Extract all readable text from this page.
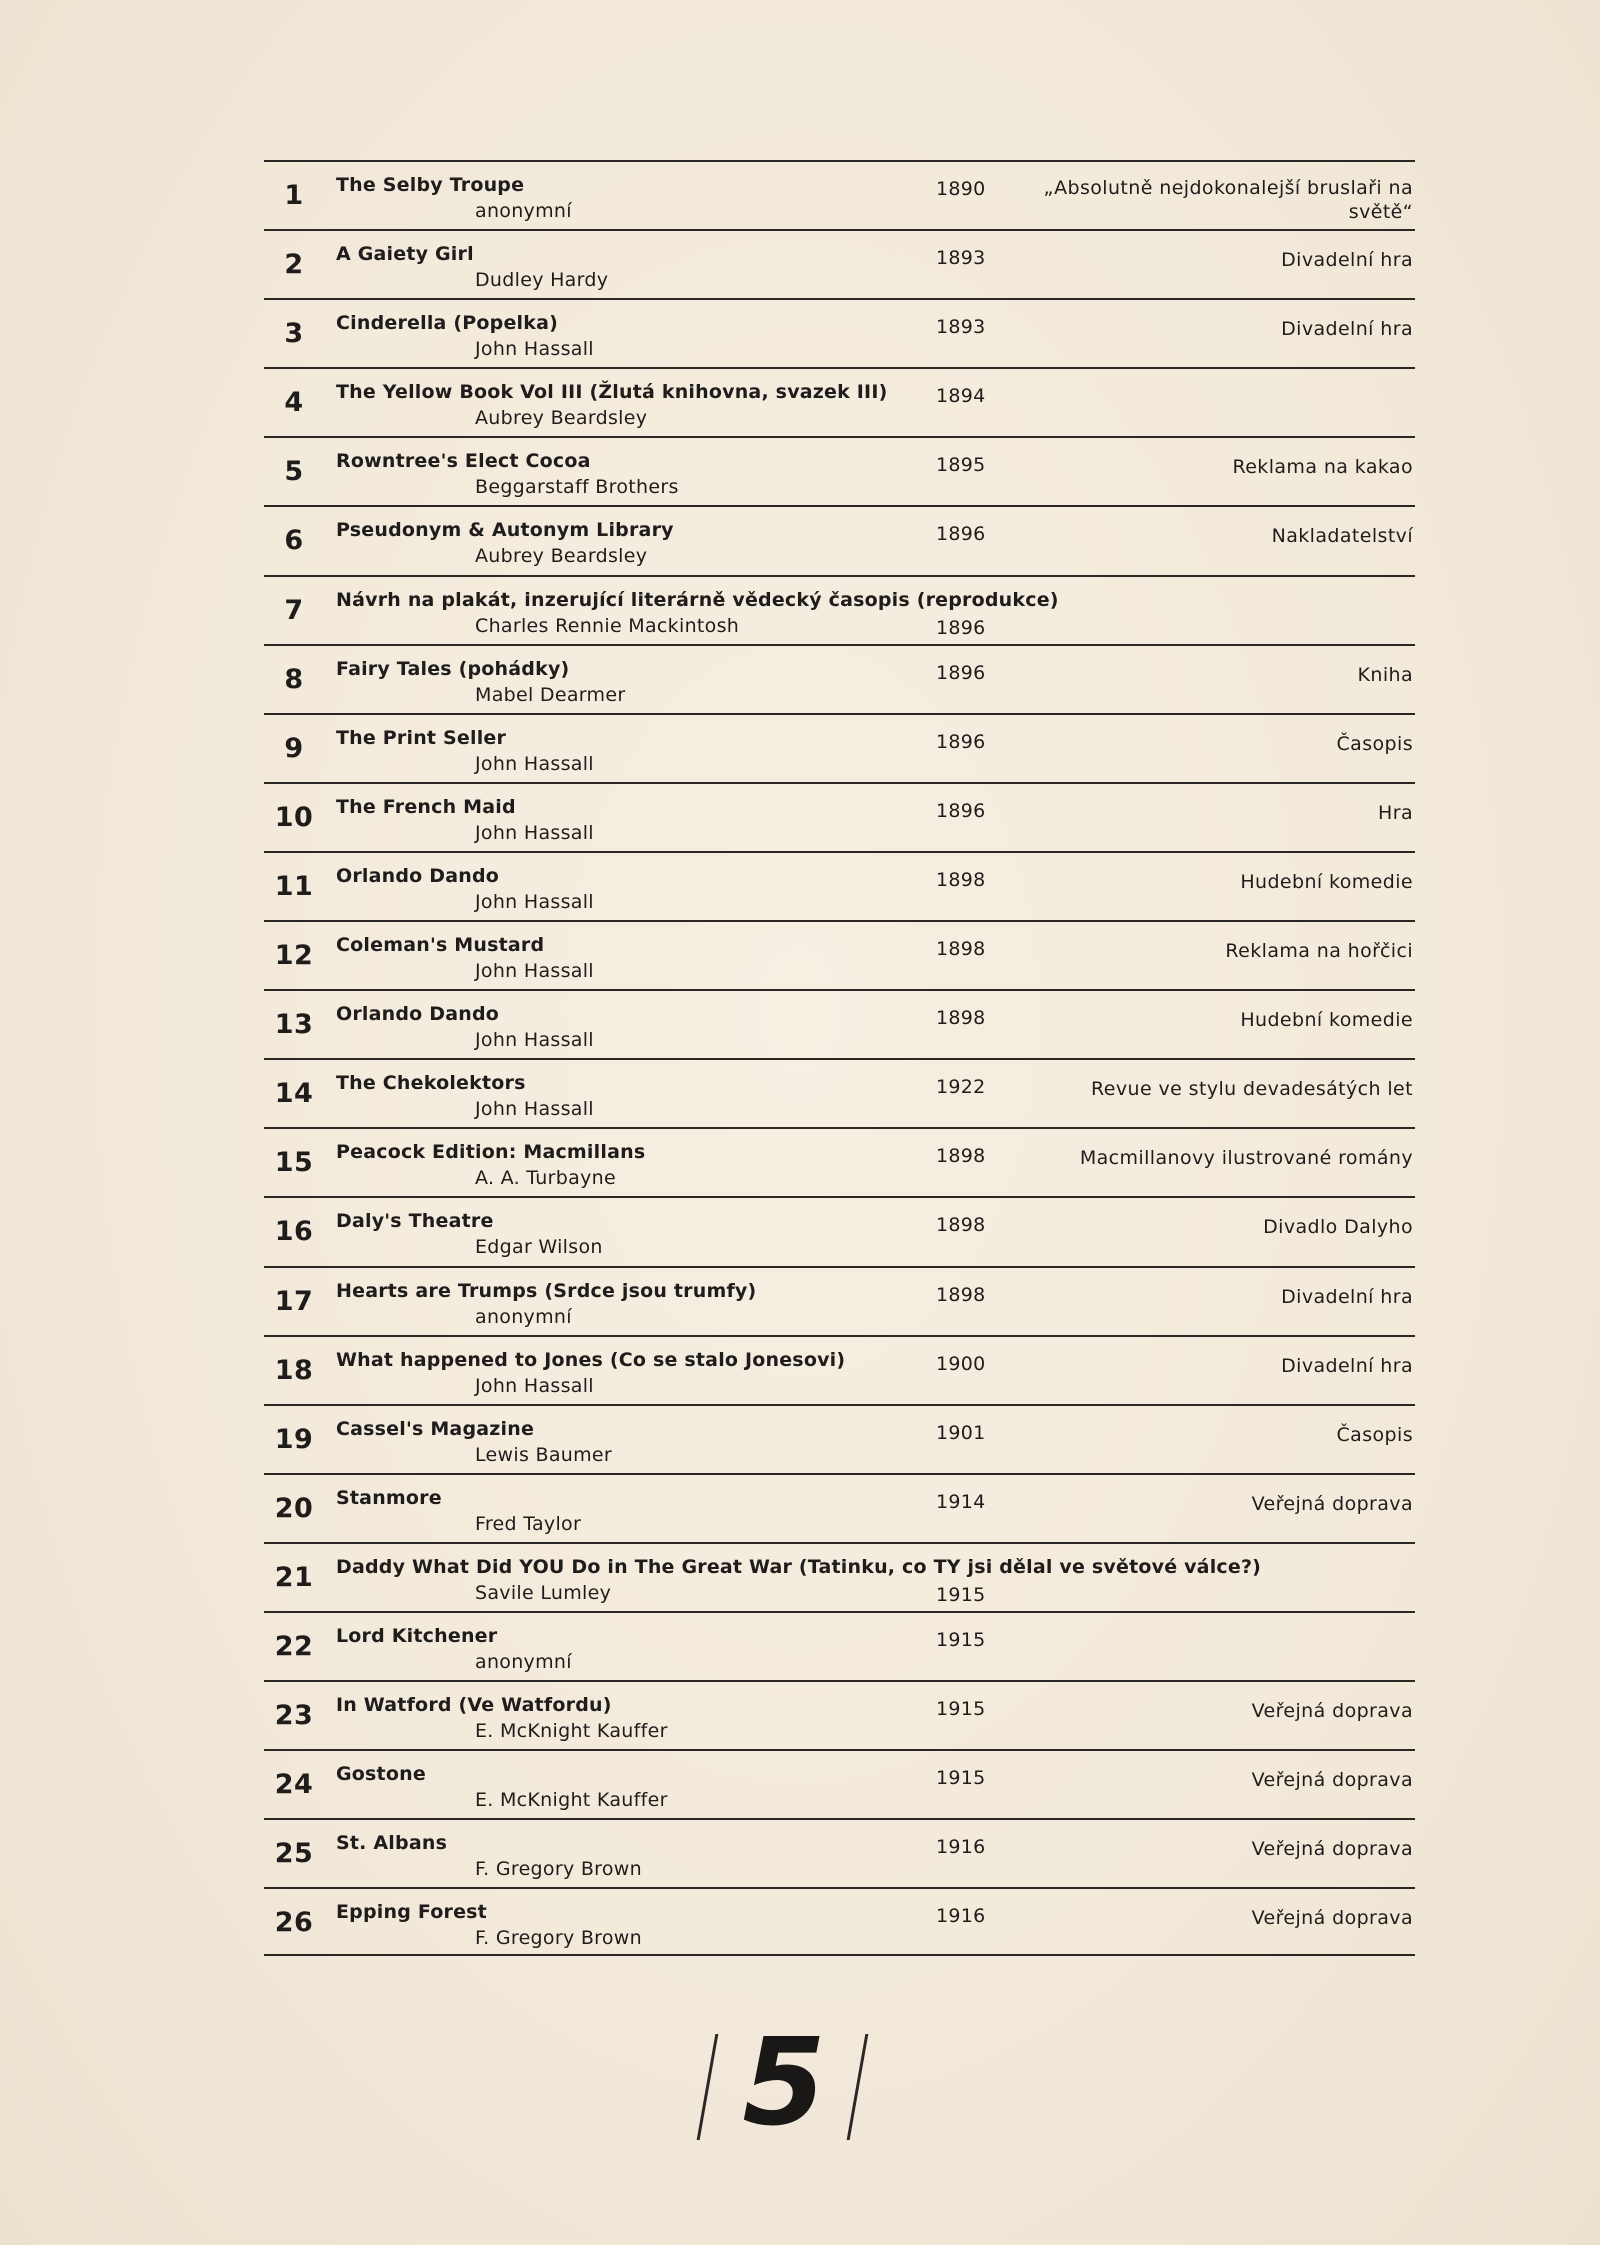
1	The Selby Troupe
anonymní
1890	„Absolutně nejdokonalejší bruslaři na světě“
2	A Gaiety Girl
Dudley Hardy
1893	Divadelní hra
3	Cinderella (Popelka)
John Hassall
1893	Divadelní hra
4	The Yellow Book Vol III (Žlutá knihovna, svazek III)
Aubrey Beardsley
1894
5	Rowntree's Elect Cocoa
Beggarstaff Brothers
1895	Reklama na kakao
6	Pseudonym & Autonym Library
Aubrey Beardsley
1896	Nakladatelství
7	Návrh na plakát, inzerující literárně vědecký časopis (reprodukce)
Charles Rennie Mackintosh	1896
8	Fairy Tales (pohádky)
Mabel Dearmer
1896	Kniha
9	The Print Seller
John Hassall
1896	Časopis
10	The French Maid
John Hassall
1896	Hra
11	Orlando Dando
John Hassall
1898	Hudební komedie
12	Coleman's Mustard
John Hassall
1898	Reklama na hořčici
13	Orlando Dando
John Hassall
1898	Hudební komedie
14	The Chekolektors
John Hassall
1922	Revue ve stylu devadesátých let
15	Peacock Edition: Macmillans
A. A. Turbayne
1898	Macmillanovy ilustrované romány
16	Daly's Theatre
Edgar Wilson
1898	Divadlo Dalyho
17	Hearts are Trumps (Srdce jsou trumfy)
anonymní
1898	Divadelní hra
18	What happened to Jones (Co se stalo Jonesovi)
John Hassall
1900	Divadelní hra
19	Cassel's Magazine
Lewis Baumer
1901	Časopis
20	Stanmore
Fred Taylor
1914	Veřejná doprava
21	Daddy What Did YOU Do in The Great War (Tatinku, co TY jsi dělal ve světové válce?)
Savile Lumley	1915
22	Lord Kitchener
anonymní
1915
23	In Watford (Ve Watfordu)
E. McKnight Kauffer
1915	Veřejná doprava
24	Gostone
E. McKnight Kauffer
1915	Veřejná doprava
25	St. Albans
F. Gregory Brown
1916	Veřejná doprava
26	Epping Forest
F. Gregory Brown
1916	Veřejná doprava
5
